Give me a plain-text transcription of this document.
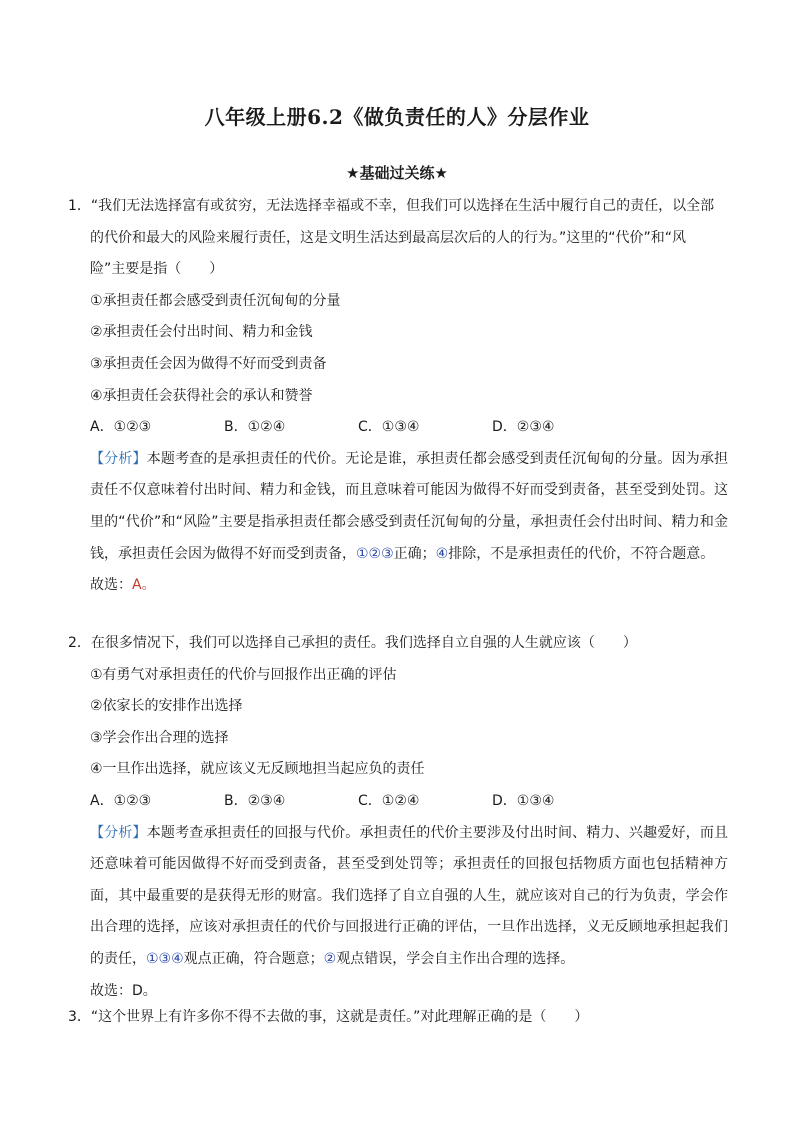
八年级上册6.2《做负责任的人》分层作业
★基础过关练★
1．“我们无法选择富有或贫穷，无法选择幸福或不幸，但我们可以选择在生活中履行自己的责任，以全部
的代价和最大的风险来履行责任，这是文明生活达到最高层次后的人的行为。”这里的“代价”和“风
险”主要是指（　　）
①承担责任都会感受到责任沉甸甸的分量
②承担责任会付出时间、精力和金钱
③承担责任会因为做得不好而受到责备
④承担责任会获得社会的承认和赞誉
A．①②③	B．①②④	C．①③④	D．②③④
【分析】本题考查的是承担责任的代价。无论是谁，承担责任都会感受到责任沉甸甸的分量。因为承担责任不仅意味着付出时间、精力和金钱，而且意味着可能因为做得不好而受到责备，甚至受到处罚。这里的“代价”和“风险”主要是指承担责任都会感受到责任沉甸甸的分量，承担责任会付出时间、精力和金钱，承担责任会因为做得不好而受到责备，①②③正确；④排除，不是承担责任的代价，不符合题意。
故选：A。
2．在很多情况下，我们可以选择自己承担的责任。我们选择自立自强的人生就应该（　　）
①有勇气对承担责任的代价与回报作出正确的评估
②依家长的安排作出选择
③学会作出合理的选择
④一旦作出选择，就应该义无反顾地担当起应负的责任
A．①②③	B．②③④	C．①②④	D．①③④
【分析】本题考查承担责任的回报与代价。承担责任的代价主要涉及付出时间、精力、兴趣爱好，而且还意味着可能因做得不好而受到责备，甚至受到处罚等；承担责任的回报包括物质方面也包括精神方面，其中最重要的是获得无形的财富。我们选择了自立自强的人生，就应该对自己的行为负责，学会作出合理的选择，应该对承担责任的代价与回报进行正确的评估，一旦作出选择，义无反顾地承担起我们的责任，①③④观点正确，符合题意；②观点错误，学会自主作出合理的选择。
故选：D。
3．“这个世界上有许多你不得不去做的事，这就是责任。”对此理解正确的是（　　）
